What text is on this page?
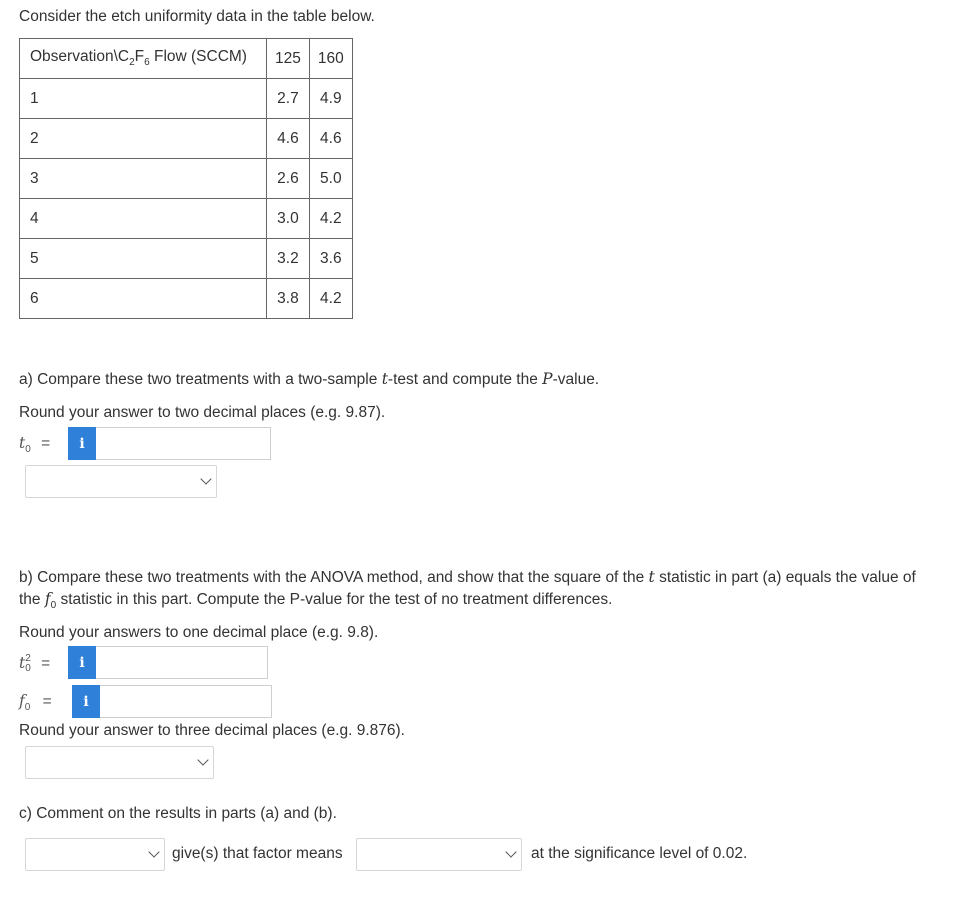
Consider the etch uniformity data in the table below.
$Observation\backslash C_2F_6$ Flow (SCCM)	125	160
1	2.7	4.9
2	4.6	4.6
3	2.6	5.0
4	3.0	4.2
5	3.2	3.6
6	3.8	4.2
a) Compare these two treatments with a two-sample t-test and compute the P-value.
Round your answer to two decimal places (e.g. 9.87).
$t_0$ =	i
b) Compare these two treatments with the ANOVA method, and show that the square of the t statistic in part (a) equals the value of
the $f_0$ statistic in this part. Compute the P-value for the test of no treatment differences.
Round your answers to one decimal place (e.g. 9.8).
t 2
0 =	i
$f_0$ =	i
Round your answer to three decimal places (e.g. 9.876).
c) Comment on the results in parts (a) and (b).
give(s) that factor means	at the significance level of 0.02.
